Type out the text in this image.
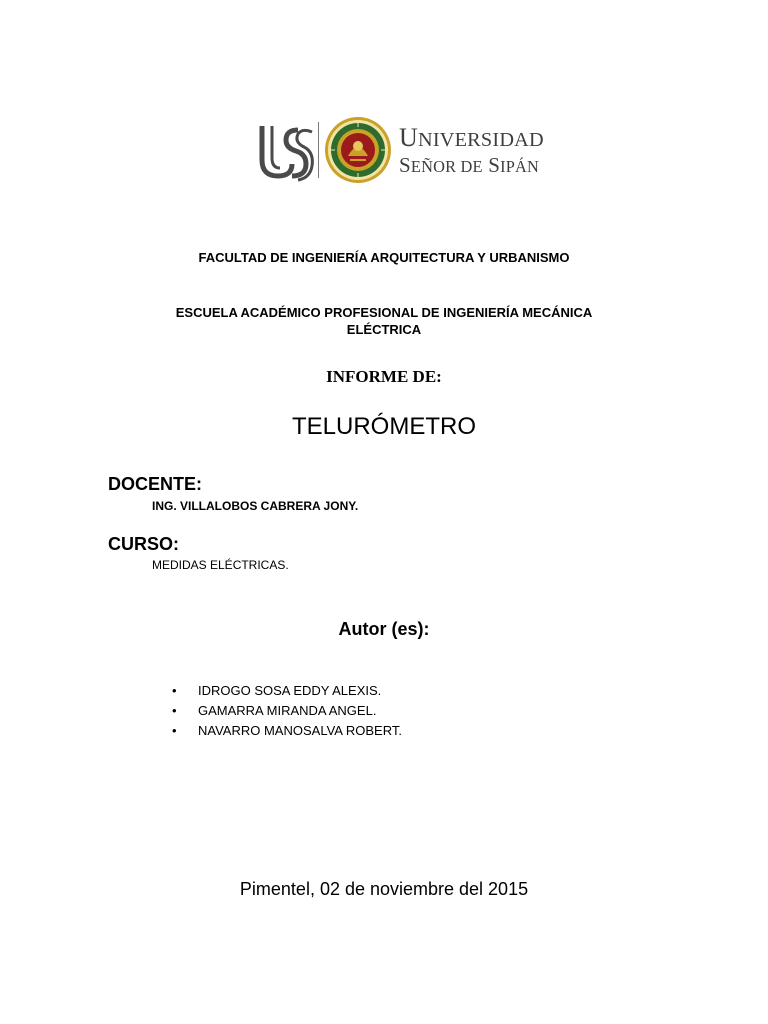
UNIVERSIDAD
SEÑOR DE SIPÁN
FACULTAD DE INGENIERÍA ARQUITECTURA Y URBANISMO
ESCUELA ACADÉMICO PROFESIONAL DE INGENIERÍA MECÁNICA
ELÉCTRICA
INFORME DE:
TELURÓMETRO
DOCENTE:
ING. VILLALOBOS CABRERA JONY.
CURSO:
MEDIDAS ELÉCTRICAS.
Autor (es):
• IDROGO SOSA EDDY ALEXIS.
• GAMARRA MIRANDA ANGEL.
• NAVARRO MANOSALVA ROBERT.
Pimentel, 02 de noviembre del 2015
